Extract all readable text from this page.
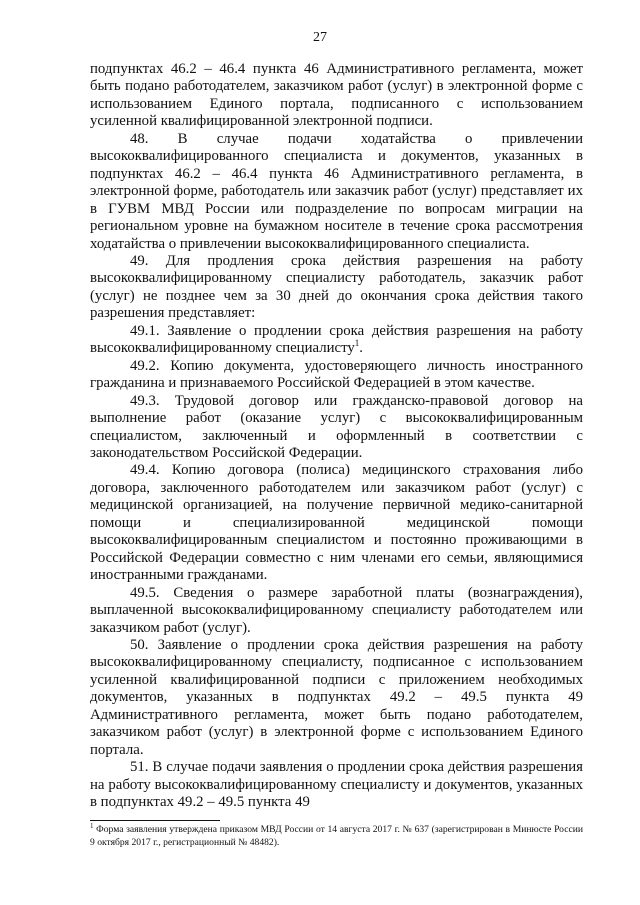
27

подпунктах 46.2 – 46.4 пункта 46 Административного регламента, может быть подано работодателем, заказчиком работ (услуг) в электронной форме с использованием Единого портала, подписанного с использованием усиленной квалифицированной электронной подписи.

48. В случае подачи ходатайства о привлечении высококвалифицированного специалиста и документов, указанных в подпунктах 46.2 – 46.4 пункта 46 Административного регламента, в электронной форме, работодатель или заказчик работ (услуг) представляет их в ГУВМ МВД России или подразделение по вопросам миграции на региональном уровне на бумажном носителе в течение срока рассмотрения ходатайства о привлечении высококвалифицированного специалиста.

49. Для продления срока действия разрешения на работу высококвалифицированному специалисту работодатель, заказчик работ (услуг) не позднее чем за 30 дней до окончания срока действия такого разрешения представляет:

49.1. Заявление о продлении срока действия разрешения на работу высококвалифицированному специалисту$^1$.

49.2. Копию документа, удостоверяющего личность иностранного гражданина и признаваемого Российской Федерацией в этом качестве.

49.3. Трудовой договор или гражданско-правовой договор на выполнение работ (оказание услуг) с высококвалифицированным специалистом, заключенный и оформленный в соответствии с законодательством Российской Федерации.

49.4. Копию договора (полиса) медицинского страхования либо договора, заключенного работодателем или заказчиком работ (услуг) с медицинской организацией, на получение первичной медико-санитарной помощи и специализированной медицинской помощи высококвалифицированным специалистом и постоянно проживающими в Российской Федерации совместно с ним членами его семьи, являющимися иностранными гражданами.

49.5. Сведения о размере заработной платы (вознаграждения), выплаченной высококвалифицированному специалисту работодателем или заказчиком работ (услуг).

50. Заявление о продлении срока действия разрешения на работу высококвалифицированному специалисту, подписанное с использованием усиленной квалифицированной подписи с приложением необходимых документов, указанных в подпунктах 49.2 – 49.5 пункта 49 Административного регламента, может быть подано работодателем, заказчиком работ (услуг) в электронной форме с использованием Единого портала.

51. В случае подачи заявления о продлении срока действия разрешения на работу высококвалифицированному специалисту и документов, указанных в подпунктах 49.2 – 49.5 пункта 49

$^1$ Форма заявления утверждена приказом МВД России от 14 августа 2017 г. № 637 (зарегистрирован в Минюсте России 9 октября 2017 г., регистрационный № 48482).
